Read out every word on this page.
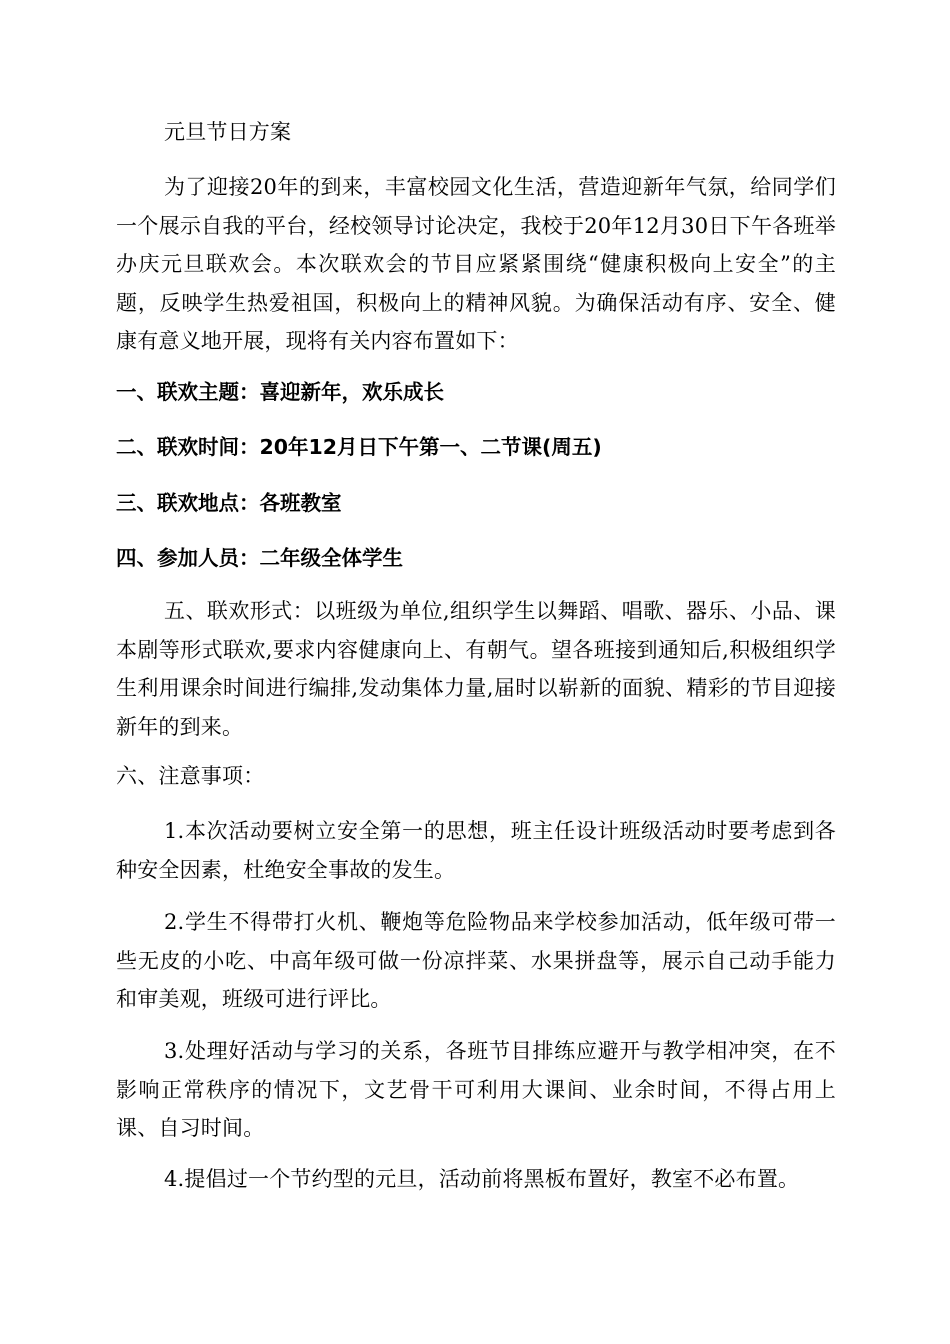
元旦节日方案

为了迎接20年的到来，丰富校园文化生活，营造迎新年气氛，给同学们一个展示自我的平台，经校领导讨论决定，我校于20年12月30日下午各班举办庆元旦联欢会。本次联欢会的节目应紧紧围绕“健康积极向上安全”的主题，反映学生热爱祖国，积极向上的精神风貌。为确保活动有序、安全、健康有意义地开展，现将有关内容布置如下：

一、联欢主题：喜迎新年，欢乐成长

二、联欢时间：20年12月日下午第一、二节课(周五)

三、联欢地点：各班教室

四、参加人员：二年级全体学生

五、联欢形式：以班级为单位,组织学生以舞蹈、唱歌、器乐、小品、课本剧等形式联欢,要求内容健康向上、有朝气。望各班接到通知后,积极组织学生利用课余时间进行编排,发动集体力量,届时以崭新的面貌、精彩的节目迎接新年的到来。

六、注意事项：

1.本次活动要树立安全第一的思想，班主任设计班级活动时要考虑到各种安全因素，杜绝安全事故的发生。

2.学生不得带打火机、鞭炮等危险物品来学校参加活动，低年级可带一些无皮的小吃、中高年级可做一份凉拌菜、水果拼盘等，展示自己动手能力和审美观，班级可进行评比。

3.处理好活动与学习的关系，各班节目排练应避开与教学相冲突，在不影响正常秩序的情况下，文艺骨干可利用大课间、业余时间，不得占用上课、自习时间。

4.提倡过一个节约型的元旦，活动前将黑板布置好，教室不必布置。
